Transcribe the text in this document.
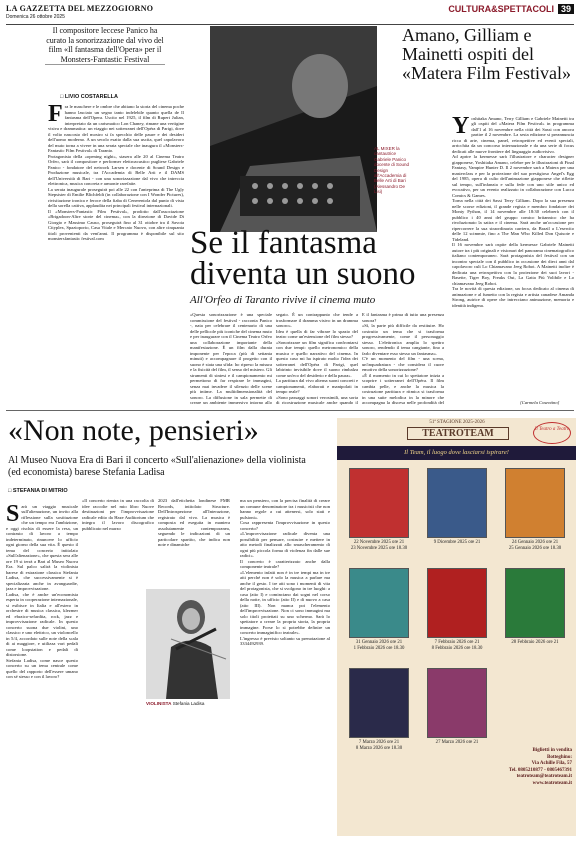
LA GAZZETTA DEL MEZZOGIORNO
Domenica 26 ottobre 2025
CULTURA&SPETTACOLI 39
Il compositore leccese Panico ha curato la sonorizzazione dal vivo del film «Il fantasma dell'Opera» per il Monsters-Fantastic Festival
□ LIVIO COSTARELLA
Fra le maschere e le ombre che abitano la storia del cinema poche hanno lasciato un segno tanto indelebile quanto quella de Il fantasma dell'Opera. Uscito nel 1925, il film di Rupert Julian, interpretato da un carismatico Lon Chaney, rimane una vertigine visiva e drammatica: un viaggio nei sotterranei dell'Opéra di Parigi, dove il volto nascosto del mostro si fa specchio delle paure e dei desideri dell'uomo moderno. A un secolo esatto dalla sua uscita, quel capolavoro del muto torna a vivere in una serata speciale che inaugura il «Monsters-Fantastic Film Festival» di Taranto.
Protagonista della «opening night», stasera alle 20 al Cinema Teatro Orfeo, sarà il compositore e performer elettroacustico pugliese Gabriele Panico - fondatore del network Larsen e docente di Sound Design e Produzione musicale, tra l'Accademia di Belle Arti e il DAMS dell'Università di Bari - con una sonorizzazione dal vivo che intreccia elettronica, musica concreta e armonie rarefatte.
La serata inaugurale proseguirà poi alle 22 con l'anteprima di The Ugly Stepsister di Emilie Blichfeldt (in collaborazione con I Wonder Pictures), rivisitazione ironica e feroce della fiaba di Cenerentola dal punto di vista della sorella cattiva, applaudita nei principali festival internazionali.
Il «Monsters-Fantastic Film Festival», prodotto dall'associazione «Brigadoon-Altre storie del cinema», con la direzione di Davide Di Giorgio e Massimo Causo, proseguirà fino al 31 ottobre tra il Savoia Cityplex, Spazioporto, Casa Vitale e Mercato Nuovo, con altre cinquanta titoli provenienti da vent'anni. Il programma è disponibile sul sito monstersfantastic festival.com
AL MIXER la cantautrice Gabriele Panico docente di Sound Design all'Accademia di Belle Arti di Bari (Alessandro De Lisi)
Se il fantasma diventa un suono
All'Orfeo di Taranto rivive il cinema muto
«Questa sonorizzazione è una speciale commissione del festival - racconta Panico -, nata per celebrare il centenario di una delle pellicole più iconiche del cinema muto e per inaugurare con il Cinema Teatro Orfeo una collaborazione importante della manifestazione. È un film dalla durata imponente per l'epoca (più di settanta minuti) e accompagnare il progetto con il suono è stata una sfida: ho ripreso la misura e la fisicità del film, il senso del mistero. Gli strumenti di sintesi e il campionamento mi permettono di far respirare le immagini, senza mai invadere il silenzio delle scene più intime. La multidimensionalità del sonoro. La diffusione in sala permette di creare un ambiente immersivo intorno allo
segato. È un contrappunto che tende a trasformare il dramma visivo in un dramma sonoro».
Idea è quella di far vibrare lo spazio del teatro come un'estensione del film stesso?
«Sonorizzare un film significa confrontarsi con due tempi: quello metronomico della musica e quello narrativo del cinema. In questo caso mi ha ispirato molto l'idea dei sotterranei dell'Opéra di Parigi, quel labirinto invisibile dove il suono rimbalza come un'eco del desiderio e della paura».
La partitura dal vivo alterna suoni concreti e campionamenti, elaborati e manipolati in tempo reale?
«Sono passaggi sonori verosimili, una sorta di ricostruzione musicale anche quando il
E il fantasma è prima di tutto una presenza sonora?
«Sì, la parte più difficile da restituire. Ho costruito un tema che si trasforma progressivamente, come il personaggio stesso. L'elettronica amplia lo spettro sonoro, rendendo il tema cangiante, fino a farlo diventare esso stesso un fantasma».
C'è un momento del film - una scena, un'inquadratura - che considera il cuore emotivo della sonorizzazione?
«È il momento in cui lo spettatore inizia a scoprire i sotterranei dell'Opéra. Il film cambia pelle, e anche la musica la costruzione partitura e ritmica si trasforma in una suite melodica in la minore che accompagna la discesa nelle profondità del
Amano, Gilliam e Mainetti ospiti del «Matera Film Festival»

Yoshitaka Amano, Terry Gilliam e Gabriele Mainetti tra gli ospiti del «Matera Film Festival» in programma dall'1 al 16 novembre nella città dei Sassi con ancora partire il 2 novembre. La sesta edizione si preannuncia ricca di arte, cinema, panel, retrospettive ed eventi speciali, arricchita da un concorso internazionale e da una serie di focus dedicati alle nuove frontiere del linguaggio audiovisivo.
Ad aprire la kermesse sarà l'illustratore e character designer giapponese, Yoshitaka Amano, celebre per le illustrazioni di Final Fantasy, Vampire Hunter D. Il 2 novembre sarà a Matera per una masterclass e per la proiezione del suo prestigioso Angel's Egg del 1985, opera di culto dell'animazione giapponese che riflette sul tempo, sull'infanzia e sulla fede con uno stile unico ed evocativo, per un evento realizzato in collaborazione con Lucca Comics & Games.
Torna nella città dei Sassi Terry Gilliam. Dopo la sua presenza nelle scorse edizioni, il grande regista e membro fondatore dei Monty Python, il 14 novembre alle 18:30 celebrerà con il pubblico i 40 anni del gruppo comico britannico che ha rivoluzionato la satira e il cinema. Sarà anche un'occasione per ripercorrere la sua straordinaria carriera, da Brazil a L'esercito delle 12 scimmie, fino a The Man Who Killed Don Quixote e Tideland.
Il 16 novembre sarà ospite della kermesse Gabriele Mainetti autore tra i più originali e visionari del panorama cinematografico italiano contemporaneo. Sarà protagonista del festival con un incontro speciale con il pubblico in occasione dei dieci anni dal capolavoro cult Lo Chiamavano Jeeg Robot. A Mainetti inoltre è dedicata una retrospettiva con la proiezione dei suoi lavori - Basette, Tiger Boy, Freaks Out, La Gatta Più Volibile e Lo chiamavano Jeeg Robot.
Tra le novità di questa edizione, un focus dedicato al cinema di animazione e al fumetto con la regista e artista canadese Amanda Strong, autrice di opere che intrecciano animazione, memoria e identità indigena.

[Carmela Cosentino]
«Non note, pensieri»
Al Museo Nuova Era di Bari il concerto «Sull'alienazione» della violinista (ed economista) barese Stefania Ladisa
□ STEFANIA DI MITRIO

Sarà un viaggio musicale sull'alienazione, un invito alla riflessione sulla sostituzione che un tempo era l'ambizione, e oggi rischia di essere la resa, un contrasto di lavoro a tempo indeterminato, rinuncere lo ufficio ogni giorno della sua vita. È questo il tema del concerto intitolato «Sull'alienazione», che questa sera alle ore 19 si terrà a Bari al Museo Nuova Era. Sul palco salirà la violinista barese di estrazione classica Stefania Ladisa, che successivamente si è specializzata anche in avanguardie, jazz e improvvisazione.
Ladisa, che è anche un'economista esperta in cooperazione internazionale, si esibisce in Italia e all'estero in orchestre di musica classica, klezmer ed ebraico-sefardita, rock, jazz e improvvisazione radicale. In questo concerto suona due violini, uno classico e uno elettrico, un violoncello in 5/4, accordato sulle note della scala di ai maggiore, e utilizza vari pedali come loopstation e pedali di distorsione.
Stefania Ladisa, come nasce questo concerto su un tema centrale come quello del rapporto dell'essere umano con sé stesso e con il lavoro?

«Il concerto rientra in una raccolta di idee raccolte nel mio libro Nuove destinazioni per l'improvvisazione radicale edito da Haze Auditorium che integra il lavoro discografico pubblicato nel marzo
VIOLINISTA Stefania Ladisa
2023 dall'etichetta londinese FMR Records, intitolato Structure. Dell'Introspezione all'Interazione, registrato dal vivo. La musica è composta ed eseguita in maniera assolutamente contemporanea, seguendo le indicazioni di un particolare spartito, che indica non note e dinamiche
ma un pensiero, con la precisa finalità di creare un comune denominatore tra i musicisti che non hanno regole a cui attenersi, solo stati e pulsioni».
Cosa rappresenta l'improvvisazione in questo concerto?
«L'improvvisazione radicale diventa una possibilità per pensare, costruire e mettere in atto metodi finalizzati allo smascheramento di ogni più piccola forma di violenza fin dalle sue radici».
Il concerto è caratterizzato anche dalla componente teatrale?
«L'elemento infatti non è in tre tempi ma in tre atti perché non è solo la musica a parlare ma anche il gesto. I tre atti sono i momenti di vita del protagonista, che si svolgono in tre luoghi: a casa (atto I) e cominciano dai sogni nel corso della notte, in ufficio (atto II) e di nuovo a casa (atto III). Non manca poi l'elemento dell'improvvisazione. Non ci sono immagini ma solo titoli proiettati su uno schermo. Sarà lo spettatore a creare la propria storia, la propria immagine. Forse lo si potrebbe definire un concerto immaginifico teatrale».
L'ingresso è previsto soltanto su prenotazione al 3334492939.
51ª STAGIONE 2025-2026
TEATROTEAM	Il Teatro a Teatro
Il Team, il luogo dove lasciarsi ispirare!
22 Novembre 2025 ore 21
23 Novembre 2025 ore 18.30
9 Dicembre 2025 ore 21	24 Gennaio 2026 ore 21
25 Gennaio 2026 ore 18.30
31 Gennaio 2026 ore 21
1 Febbraio 2026 ore 18.30
7 Febbraio 2026 ore 21
8 Febbraio 2026 ore 18.30
28 Febbraio 2026 ore 21
7 Marzo 2026 ore 21
8 Marzo 2026 ore 18.30
27 Marzo 2026 ore 21
Biglietti in vendita
Botteghino:
Via Achille Fila, 57
Tel. 0805210877 - 0805467391
teatroteam@teatroteam.it
www.teatroteam.it
